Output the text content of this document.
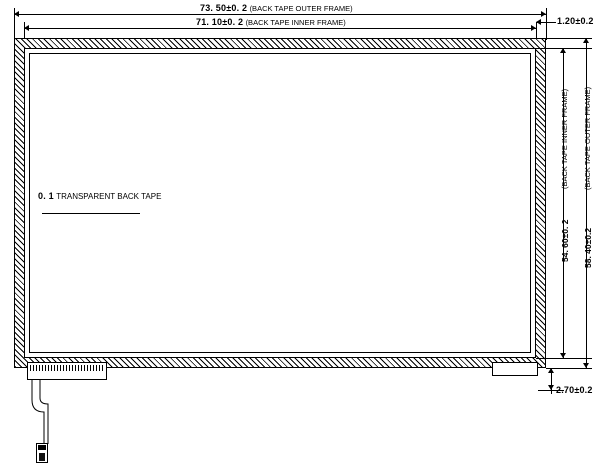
73. 50±0. 2 (BACK TAPE OUTER FRAME)
71. 10±0. 2 (BACK TAPE INNER FRAME)	1.20±0.2
0. 1 TRANSPARENT BACK TAPE
54. 60±0. 2
(BACK TAPE INNER FRAME)
58. 40±0.2
(BACK TAPE OUTER FRAME)
2.70±0.2
